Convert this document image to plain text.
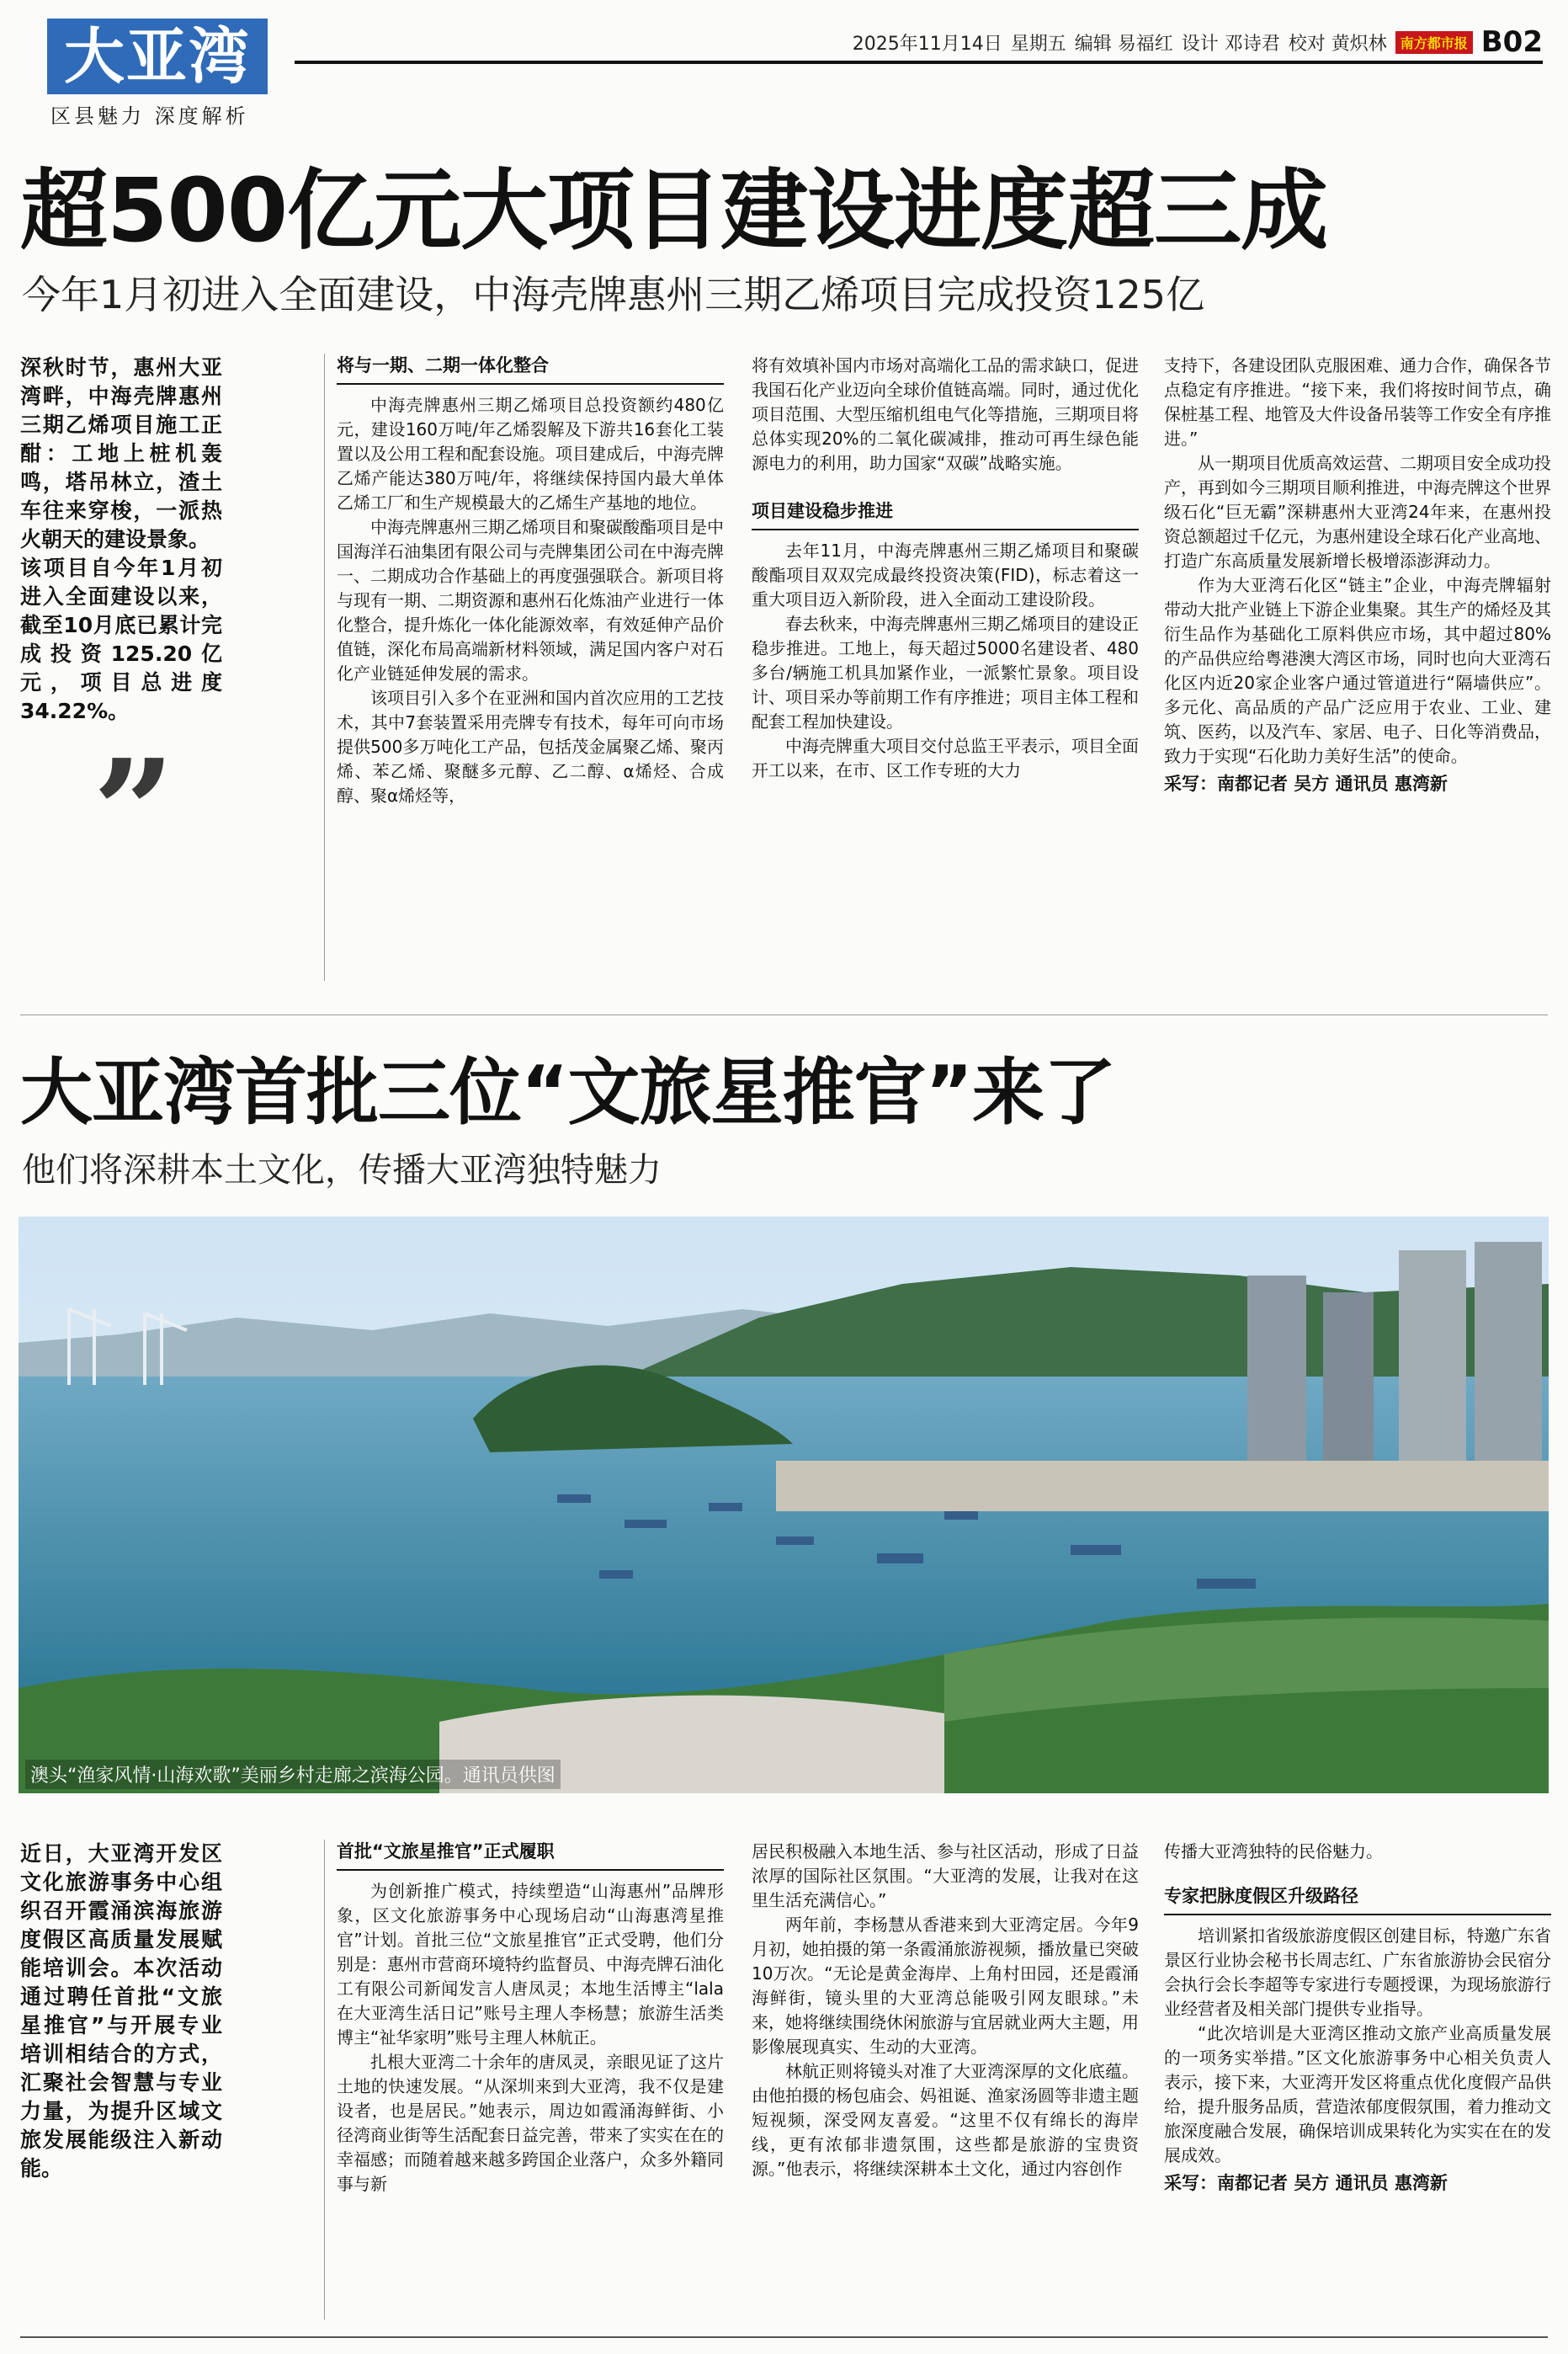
大亚湾
区县魅力 深度解析
2025年11月14日 星期五 编辑 易福红 设计 邓诗君 校对 黄炽林	南方都市报 B02
超500亿元大项目建设进度超三成
今年1月初进入全面建设，中海壳牌惠州三期乙烯项目完成投资125亿
深秋时节，惠州大亚湾畔，中海壳牌惠州三期乙烯项目施工正酣：工地上桩机轰鸣，塔吊林立，渣土车往来穿梭，一派热火朝天的建设景象。
该项目自今年1月初进入全面建设以来，截至10月底已累计完成投资125.20亿元，项目总进度34.22%。
”
将与一期、二期一体化整合

中海壳牌惠州三期乙烯项目总投资额约480亿元，建设160万吨/年乙烯裂解及下游共16套化工装置以及公用工程和配套设施。项目建成后，中海壳牌乙烯产能达380万吨/年，将继续保持国内最大单体乙烯工厂和生产规模最大的乙烯生产基地的地位。

中海壳牌惠州三期乙烯项目和聚碳酸酯项目是中国海洋石油集团有限公司与壳牌集团公司在中海壳牌一、二期成功合作基础上的再度强强联合。新项目将与现有一期、二期资源和惠州石化炼油产业进行一体化整合，提升炼化一体化能源效率，有效延伸产品价值链，深化布局高端新材料领域，满足国内客户对石化产业链延伸发展的需求。

该项目引入多个在亚洲和国内首次应用的工艺技术，其中7套装置采用壳牌专有技术，每年可向市场提供500多万吨化工产品，包括茂金属聚乙烯、聚丙烯、苯乙烯、聚醚多元醇、乙二醇、α烯烃、合成醇、聚α烯烃等，

将有效填补国内市场对高端化工品的需求缺口，促进我国石化产业迈向全球价值链高端。同时，通过优化项目范围、大型压缩机组电气化等措施，三期项目将总体实现20%的二氧化碳减排，推动可再生绿色能源电力的利用，助力国家“双碳”战略实施。
项目建设稳步推进

去年11月，中海壳牌惠州三期乙烯项目和聚碳酸酯项目双双完成最终投资决策(FID)，标志着这一重大项目迈入新阶段，进入全面动工建设阶段。

春去秋来，中海壳牌惠州三期乙烯项目的建设正稳步推进。工地上，每天超过5000名建设者、480多台/辆施工机具加紧作业，一派繁忙景象。项目设计、项目采办等前期工作有序推进；项目主体工程和配套工程加快建设。

中海壳牌重大项目交付总监王平表示，项目全面开工以来，在市、区工作专班的大力

支持下，各建设团队克服困难、通力合作，确保各节点稳定有序推进。“接下来，我们将按时间节点，确保桩基工程、地管及大件设备吊装等工作安全有序推进。”

从一期项目优质高效运营、二期项目安全成功投产，再到如今三期项目顺利推进，中海壳牌这个世界级石化“巨无霸”深耕惠州大亚湾24年来，在惠州投资总额超过千亿元，为惠州建设全球石化产业高地、打造广东高质量发展新增长极增添澎湃动力。

作为大亚湾石化区“链主”企业，中海壳牌辐射带动大批产业链上下游企业集聚。其生产的烯烃及其衍生品作为基础化工原料供应市场，其中超过80%的产品供应给粤港澳大湾区市场，同时也向大亚湾石化区内近20家企业客户通过管道进行“隔墙供应”。多元化、高品质的产品广泛应用于农业、工业、建筑、医药，以及汽车、家居、电子、日化等消费品，致力于实现“石化助力美好生活”的使命。

采写：南都记者 吴方 通讯员 惠湾新
大亚湾首批三位“文旅星推官”来了
他们将深耕本土文化，传播大亚湾独特魅力
澳头“渔家风情·山海欢歌”美丽乡村走廊之滨海公园。通讯员供图
近日，大亚湾开发区文化旅游事务中心组织召开霞涌滨海旅游度假区高质量发展赋能培训会。本次活动通过聘任首批“文旅星推官”与开展专业培训相结合的方式，汇聚社会智慧与专业力量，为提升区域文旅发展能级注入新动能。
首批“文旅星推官”正式履职

为创新推广模式，持续塑造“山海惠州”品牌形象，区文化旅游事务中心现场启动“山海惠湾星推官”计划。首批三位“文旅星推官”正式受聘，他们分别是：惠州市营商环境特约监督员、中海壳牌石油化工有限公司新闻发言人唐凤灵；本地生活博主“lala在大亚湾生活日记”账号主理人李杨慧；旅游生活类博主“祉华家明”账号主理人林航正。

扎根大亚湾二十余年的唐凤灵，亲眼见证了这片土地的快速发展。“从深圳来到大亚湾，我不仅是建设者，也是居民。”她表示，周边如霞涌海鲜街、小径湾商业街等生活配套日益完善，带来了实实在在的幸福感；而随着越来越多跨国企业落户，众多外籍同事与新

居民积极融入本地生活、参与社区活动，形成了日益浓厚的国际社区氛围。“大亚湾的发展，让我对在这里生活充满信心。”

两年前，李杨慧从香港来到大亚湾定居。今年9月初，她拍摄的第一条霞涌旅游视频，播放量已突破10万次。“无论是黄金海岸、上角村田园，还是霞涌海鲜街，镜头里的大亚湾总能吸引网友眼球。”未来，她将继续围绕休闲旅游与宜居就业两大主题，用影像展现真实、生动的大亚湾。

林航正则将镜头对准了大亚湾深厚的文化底蕴。由他拍摄的杨包庙会、妈祖诞、渔家汤圆等非遗主题短视频，深受网友喜爱。“这里不仅有绵长的海岸线，更有浓郁非遗氛围，这些都是旅游的宝贵资源。”他表示，将继续深耕本土文化，通过内容创作

传播大亚湾独特的民俗魅力。
专家把脉度假区升级路径

培训紧扣省级旅游度假区创建目标，特邀广东省景区行业协会秘书长周志红、广东省旅游协会民宿分会执行会长李超等专家进行专题授课，为现场旅游行业经营者及相关部门提供专业指导。

“此次培训是大亚湾区推动文旅产业高质量发展的一项务实举措。”区文化旅游事务中心相关负责人表示，接下来，大亚湾开发区将重点优化度假产品供给，提升服务品质，营造浓郁度假氛围，着力推动文旅深度融合发展，确保培训成果转化为实实在在的发展成效。

采写：南都记者 吴方 通讯员 惠湾新
